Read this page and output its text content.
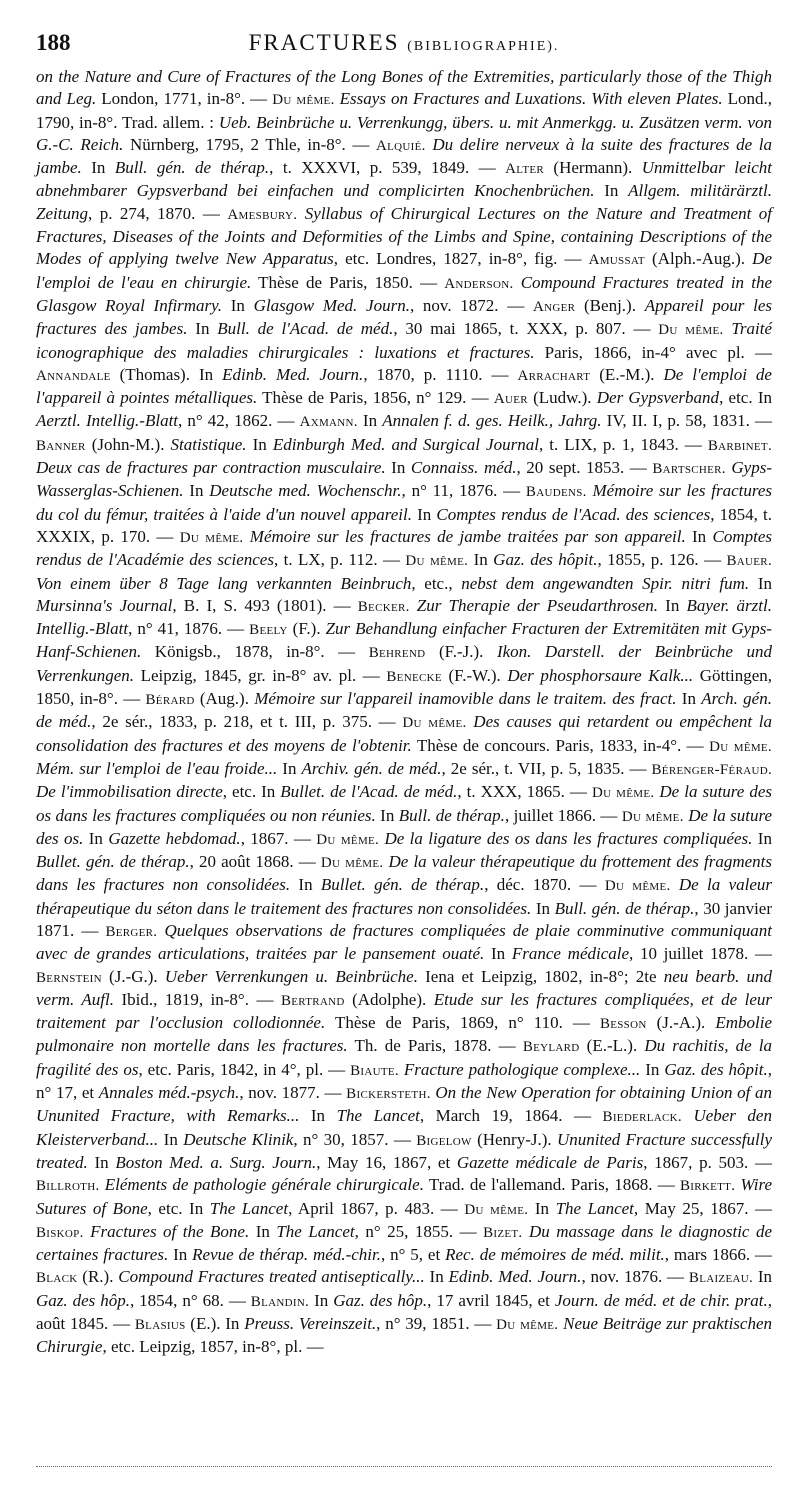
188	FRACTURES (BIBLIOGRAPHIE).
on the Nature and Cure of Fractures of the Long Bones of the Extremities, particularly those of the Thigh and Leg. London, 1771, in-8°. — Du même. Essays on Fractures and Luxations. With eleven Plates. Lond., 1790, in-8°. Trad. allem. : Ueb. Beinbrüche u. Verrenkungg, übers. u. mit Anmerkgg. u. Zusätzen verm. von G.-C. Reich. Nürnberg, 1795, 2 Thle, in-8°. — Alquié. Du delire nerveux à la suite des fractures de la jambe. In Bull. gén. de thérap., t. XXXVI, p. 539, 1849. — Alter (Hermann). Unmittelbar leicht abnehmbarer Gypsverband bei einfachen und complicirten Knochenbrüchen. In Allgem. militärärztl. Zeitung, p. 274, 1870. — Amesbury. Syllabus of Chirurgical Lectures on the Nature and Treatment of Fractures, Diseases of the Joints and Deformities of the Limbs and Spine, containing Descriptions of the Modes of applying twelve New Apparatus, etc. Londres, 1827, in-8°, fig. — Amussat (Alph.-Aug.). De l'emploi de l'eau en chirurgie. Thèse de Paris, 1850. — Anderson. Compound Fractures treated in the Glasgow Royal Infirmary. In Glasgow Med. Journ., nov. 1872. — Anger (Benj.). Appareil pour les fractures des jambes. In Bull. de l'Acad. de méd., 30 mai 1865, t. XXX, p. 807. — Du même. Traité iconographique des maladies chirurgicales : luxations et fractures. Paris, 1866, in-4° avec pl. — Annandale (Thomas). In Edinb. Med. Journ., 1870, p. 1110. — Arrachart (E.-M.). De l'emploi de l'appareil à pointes métalliques. Thèse de Paris, 1856, n° 129. — Auer (Ludw.). Der Gypsverband, etc. In Aerztl. Intellig.-Blatt, n° 42, 1862. — Axmann. In Annalen f. d. ges. Heilk., Jahrg. IV, II. I, p. 58, 1831. — Banner (John-M.). Statistique. In Edinburgh Med. and Surgical Journal, t. LIX, p. 1, 1843. — Barbinet. Deux cas de fractures par contraction musculaire. In Connaiss. méd., 20 sept. 1853. — Bartscher. Gyps-Wasserglas-Schienen. In Deutsche med. Wochenschr., n° 11, 1876. — Baudens. Mémoire sur les fractures du col du fémur, traitées à l'aide d'un nouvel appareil. In Comptes rendus de l'Acad. des sciences, 1854, t. XXXIX, p. 170. — Du même. Mémoire sur les fractures de jambe traitées par son appareil. In Comptes rendus de l'Académie des sciences, t. LX, p. 112. — Du même. In Gaz. des hôpit., 1855, p. 126. — Bauer. Von einem über 8 Tage lang verkannten Beinbruch, etc., nebst dem angewandten Spir. nitri fum. In Mursinna's Journal, B. I, S. 493 (1801). — Becker. Zur Therapie der Pseudarthrosen. In Bayer. ärztl. Intellig.-Blatt, n° 41, 1876. — Beely (F.). Zur Behandlung einfacher Fracturen der Extremitäten mit Gyps-Hanf-Schienen. Königsb., 1878, in-8°. — Behrend (F.-J.). Ikon. Darstell. der Beinbrüche und Verrenkungen. Leipzig, 1845, gr. in-8° av. pl. — Benecke (F.-W.). Der phosphorsaure Kalk... Göttingen, 1850, in-8°. — Bérard (Aug.). Mémoire sur l'appareil inamovible dans le traitem. des fract. In Arch. gén. de méd., 2e sér., 1833, p. 218, et t. III, p. 375. — Du même. Des causes qui retardent ou empêchent la consolidation des fractures et des moyens de l'obtenir. Thèse de concours. Paris, 1833, in-4°. — Du même. Mém. sur l'emploi de l'eau froide... In Archiv. gén. de méd., 2e sér., t. VII, p. 5, 1835. — Bérenger-Féraud. De l'immobilisation directe, etc. In Bullet. de l'Acad. de méd., t. XXX, 1865. — Du même. De la suture des os dans les fractures compliquées ou non réunies. In Bull. de thérap., juillet 1866. — Du même. De la suture des os. In Gazette hebdomad., 1867. — Du même. De la ligature des os dans les fractures compliquées. In Bullet. gén. de thérap., 20 août 1868. — Du même. De la valeur thérapeutique du frottement des fragments dans les fractures non consolidées. In Bullet. gén. de thérap., déc. 1870. — Du même. De la valeur thérapeutique du séton dans le traitement des fractures non consolidées. In Bull. gén. de thérap., 30 janvier 1871. — Berger. Quelques observations de fractures compliquées de plaie comminutive communiquant avec de grandes articulations, traitées par le pansement ouaté. In France médicale, 10 juillet 1878. — Bernstein (J.-G.). Ueber Verrenkungen u. Beinbrüche. Iena et Leipzig, 1802, in-8°; 2te neu bearb. und verm. Aufl. Ibid., 1819, in-8°. — Bertrand (Adolphe). Etude sur les fractures compliquées, et de leur traitement par l'occlusion collodionnée. Thèse de Paris, 1869, n° 110. — Besson (J.-A.). Embolie pulmonaire non mortelle dans les fractures. Th. de Paris, 1878. — Beylard (E.-L.). Du rachitis, de la fragilité des os, etc. Paris, 1842, in 4°, pl. — Biaute. Fracture pathologique complexe... In Gaz. des hôpit., n° 17, et Annales méd.-psych., nov. 1877. — Bickersteth. On the New Operation for obtaining Union of an Ununited Fracture, with Remarks... In The Lancet, March 19, 1864. — Biederlack. Ueber den Kleisterverband... In Deutsche Klinik, n° 30, 1857. — Bigelow (Henry-J.). Ununited Fracture successfully treated. In Boston Med. a. Surg. Journ., May 16, 1867, et Gazette médicale de Paris, 1867, p. 503. — Billroth. Eléments de pathologie générale chirurgicale. Trad. de l'allemand. Paris, 1868. — Birkett. Wire Sutures of Bone, etc. In The Lancet, April 1867, p. 483. — Du même. In The Lancet, May 25, 1867. — Biskop. Fractures of the Bone. In The Lancet, n° 25, 1855. — Bizet. Du massage dans le diagnostic de certaines fractures. In Revue de thérap. méd.-chir., n° 5, et Rec. de mémoires de méd. milit., mars 1866. — Black (R.). Compound Fractures treated antiseptically... In Edinb. Med. Journ., nov. 1876. — Blaizeau. In Gaz. des hôp., 1854, n° 68. — Blandin. In Gaz. des hôp., 17 avril 1845, et Journ. de méd. et de chir. prat., août 1845. — Blasius (E.). In Preuss. Vereinszeit., n° 39, 1851. — Du même. Neue Beiträge zur praktischen Chirurgie, etc. Leipzig, 1857, in-8°, pl. —
